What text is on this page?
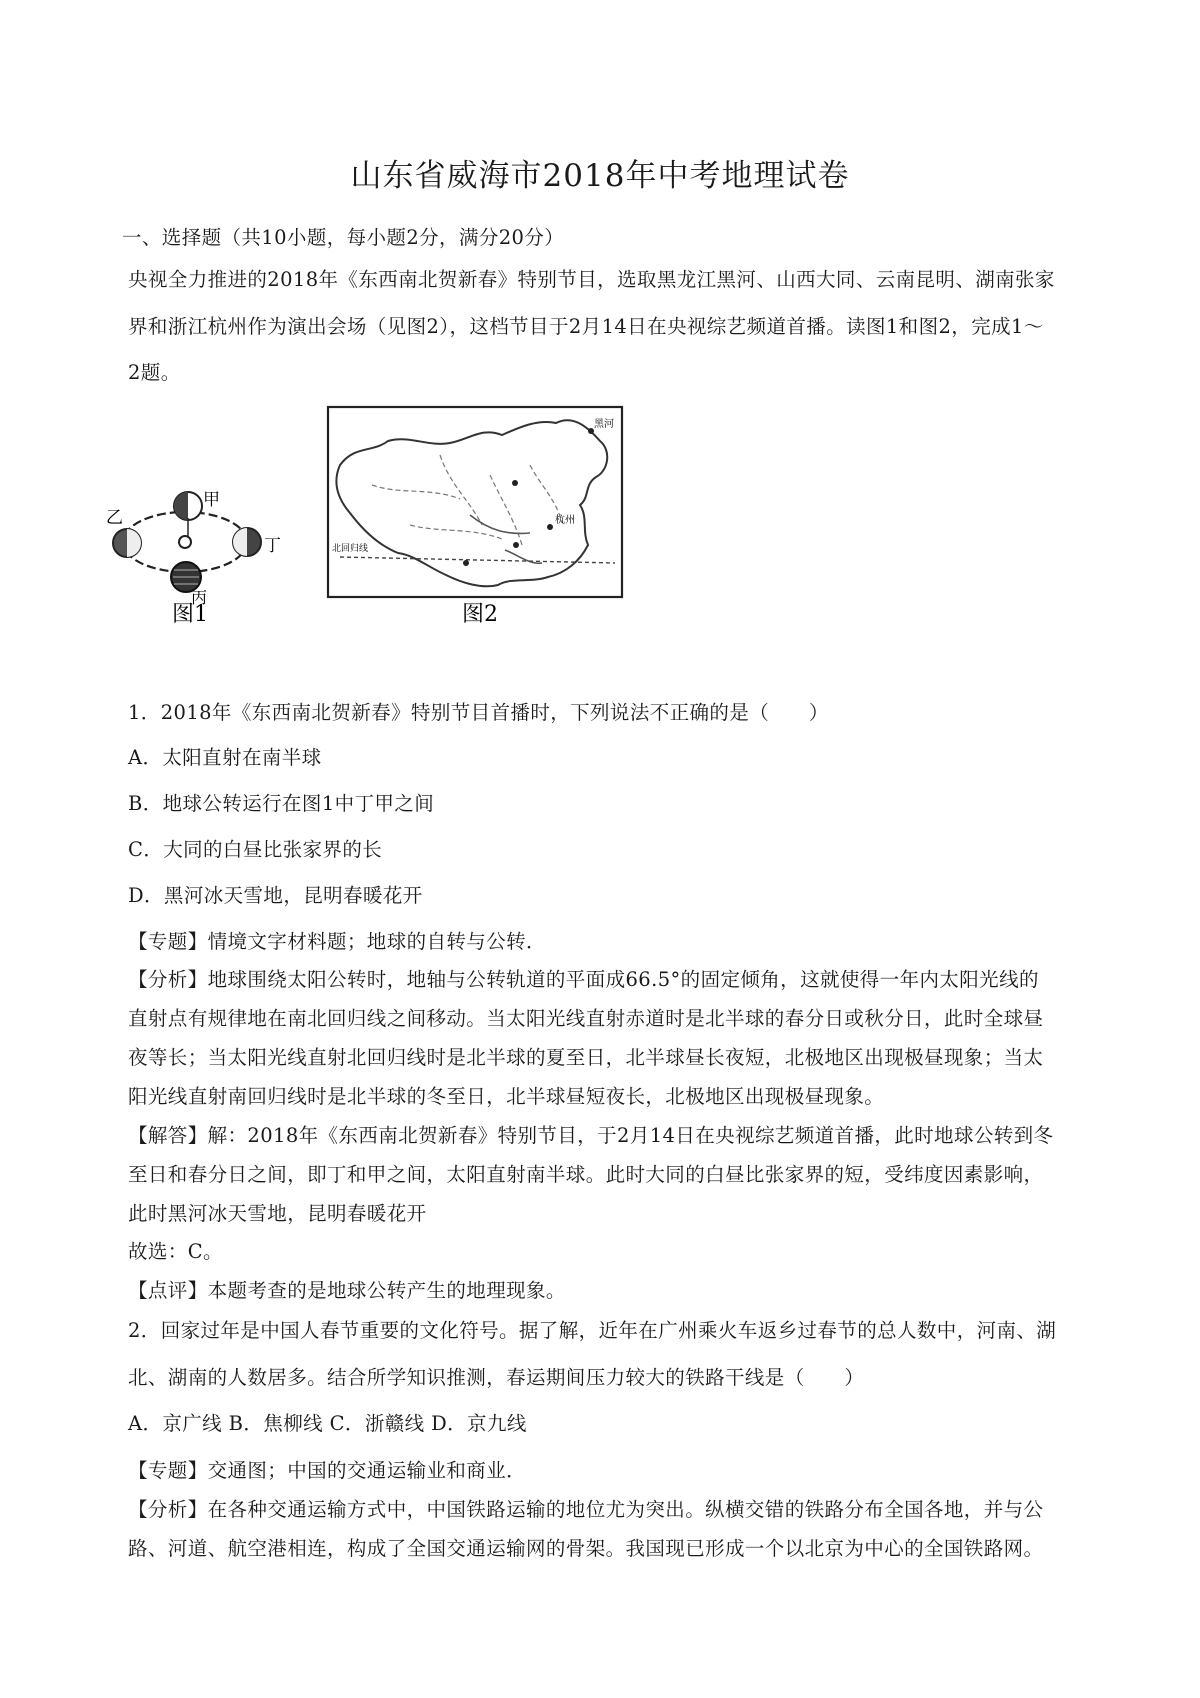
山东省威海市2018年中考地理试卷
一、选择题（共10小题，每小题2分，满分20分）
央视全力推进的2018年《东西南北贺新春》特别节目，选取黑龙江黑河、山西大同、云南昆明、湖南张家
界和浙江杭州作为演出会场（见图2），这档节目于2月14日在央视综艺频道首播。读图1和图2，完成1～
2题。
甲
乙
丙
丁
图1
黑河
杭州
北回归线
图2
1．2018年《东西南北贺新春》特别节目首播时，下列说法不正确的是（　　）
A．太阳直射在南半球
B．地球公转运行在图1中丁甲之间
C．大同的白昼比张家界的长
D．黑河冰天雪地，昆明春暖花开
【专题】情境文字材料题；地球的自转与公转．
【分析】地球围绕太阳公转时，地轴与公转轨道的平面成66.5°的固定倾角，这就使得一年内太阳光线的
直射点有规律地在南北回归线之间移动。当太阳光线直射赤道时是北半球的春分日或秋分日，此时全球昼
夜等长；当太阳光线直射北回归线时是北半球的夏至日，北半球昼长夜短，北极地区出现极昼现象；当太
阳光线直射南回归线时是北半球的冬至日，北半球昼短夜长，北极地区出现极昼现象。
【解答】解：2018年《东西南北贺新春》特别节目，于2月14日在央视综艺频道首播，此时地球公转到冬
至日和春分日之间，即丁和甲之间，太阳直射南半球。此时大同的白昼比张家界的短，受纬度因素影响，
此时黑河冰天雪地，昆明春暖花开
故选：C。
【点评】本题考查的是地球公转产生的地理现象。
2．回家过年是中国人春节重要的文化符号。据了解，近年在广州乘火车返乡过春节的总人数中，河南、湖
北、湖南的人数居多。结合所学知识推测，春运期间压力较大的铁路干线是（　　）
A．京广线 B．焦柳线 C．浙赣线 D．京九线
【专题】交通图；中国的交通运输业和商业．
【分析】在各种交通运输方式中，中国铁路运输的地位尤为突出。纵横交错的铁路分布全国各地，并与公
路、河道、航空港相连，构成了全国交通运输网的骨架。我国现已形成一个以北京为中心的全国铁路网。
